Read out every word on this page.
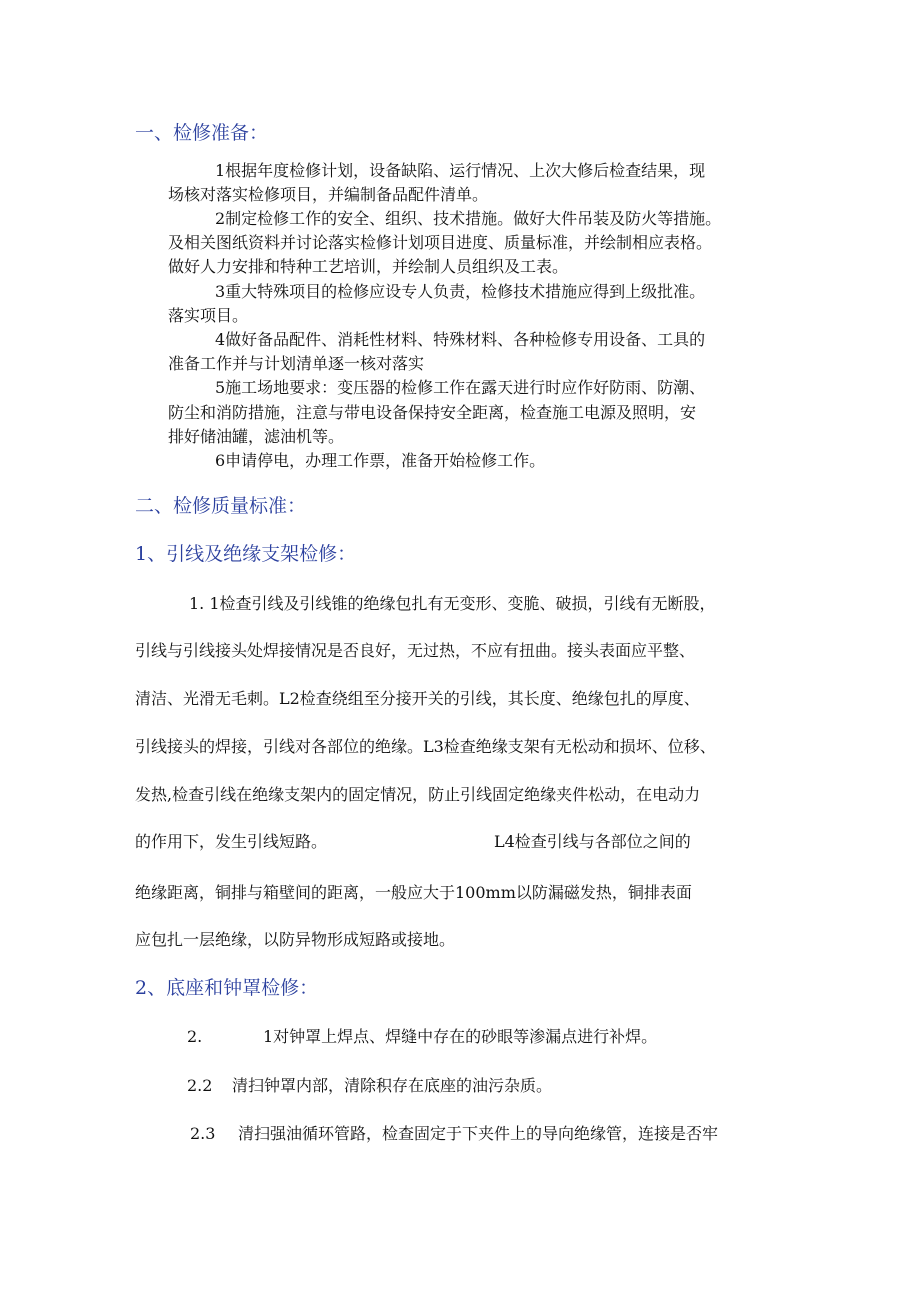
一、检修准备：
1根据年度检修计划，设备缺陷、运行情况、上次大修后检查结果，现
场核对落实检修项目，并编制备品配件清单。
2制定检修工作的安全、组织、技术措施。做好大件吊装及防火等措施。
及相关图纸资料并讨论落实检修计划项目进度、质量标准，并绘制相应表格。
做好人力安排和特种工艺培训，并绘制人员组织及工表。
3重大特殊项目的检修应设专人负责，检修技术措施应得到上级批准。
落实项目。
4做好备品配件、消耗性材料、特殊材料、各种检修专用设备、工具的
准备工作并与计划清单逐一核对落实
5施工场地要求：变压器的检修工作在露天进行时应作好防雨、防潮、
防尘和消防措施，注意与带电设备保持安全距离，检查施工电源及照明，安
排好储油罐，滤油机等。
6申请停电，办理工作票，准备开始检修工作。
二、检修质量标准：
1、引线及绝缘支架检修：
1. 1检查引线及引线锥的绝缘包扎有无变形、变脆、破损，引线有无断股，
引线与引线接头处焊接情况是否良好，无过热，不应有扭曲。接头表面应平整、
清洁、光滑无毛刺。L2检查绕组至分接开关的引线，其长度、绝缘包扎的厚度、
引线接头的焊接，引线对各部位的绝缘。L3检查绝缘支架有无松动和损坏、位移、
发热,检查引线在绝缘支架内的固定情况，防止引线固定绝缘夹件松动，在电动力
的作用下，发生引线短路。	L4检查引线与各部位之间的
绝缘距离，铜排与箱壁间的距离，一般应大于100mm以防漏磁发热，铜排表面
应包扎一层绝缘，以防异物形成短路或接地。
2、底座和钟罩检修：
2.	1对钟罩上焊点、焊缝中存在的砂眼等渗漏点进行补焊。
2.2 清扫钟罩内部，清除积存在底座的油污杂质。
2.3 清扫强油循环管路，检查固定于下夹件上的导向绝缘管，连接是否牢
